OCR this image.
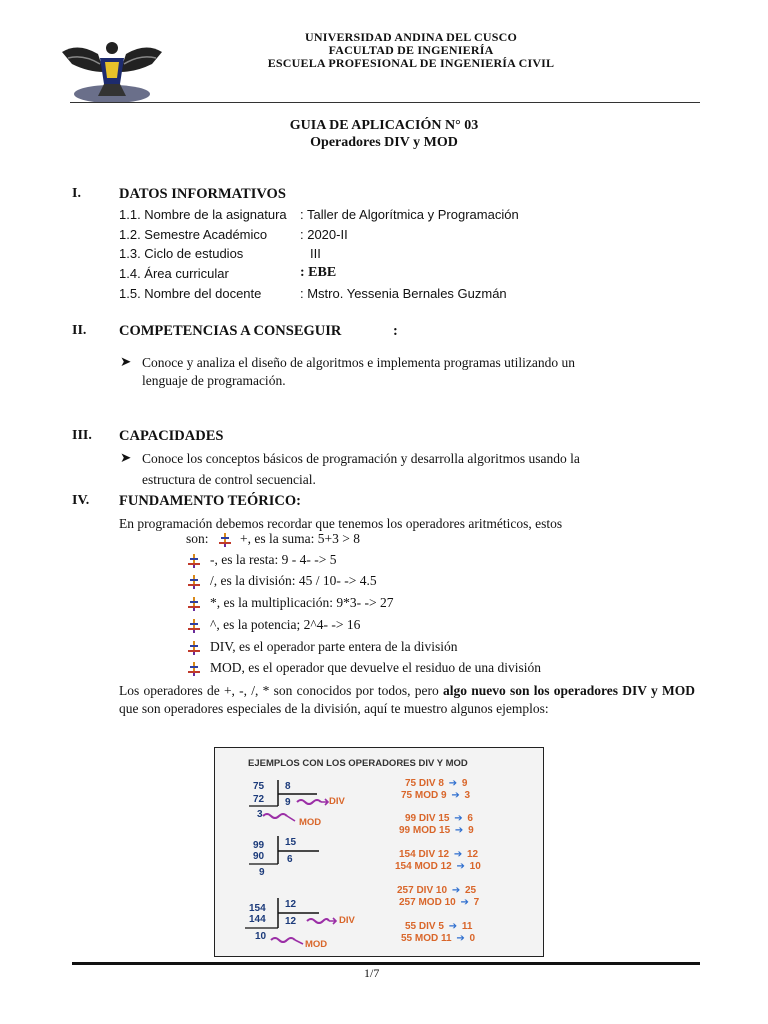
UNIVERSIDAD ANDINA DEL CUSCO
FACULTAD DE INGENIERÍA
ESCUELA PROFESIONAL DE INGENIERÍA CIVIL
GUIA DE APLICACIÓN N° 03
Operadores DIV y MOD
I.	DATOS INFORMATIVOS
1.1. Nombre de la asignatura : Taller de Algorítmica y Programación
1.2. Semestre Académico	: 2020-II
1.3. Ciclo de estudios	III
1.4. Área curricular	: EBE
1.5. Nombre del docente	: Mstro. Yessenia Bernales Guzmán
II. COMPETENCIAS A CONSEGUIR	:
➤ Conoce y analiza el diseño de algoritmos e implementa programas utilizando un
lenguaje de programación.
III. CAPACIDADES
➤ Conoce los conceptos básicos de programación y desarrolla algoritmos usando la
estructura de control secuencial.
IV. FUNDAMENTO TEÓRICO:
En programación debemos recordar que tenemos los operadores aritméticos, estos
son: +, es la suma: 5+3 > 8
-, es la resta: 9 - 4- -> 5
/, es la división: 45 / 10- -> 4.5
*, es la multiplicación: 9*3- -> 27
^, es la potencia; 2^4- -> 16
DIV, es el operador parte entera de la división
MOD, es el operador que devuelve el residuo de una división
Los operadores de +, -, /, * son conocidos por todos, pero algo nuevo son los operadores DIV y MOD que son operadores especiales de la división, aquí te muestro algunos ejemplos:
EJEMPLOS CON LOS OPERADORES DIV Y MOD
75 8
72 9
3
DIV
MOD
99 15
90 6
9
154 12
144 12
10
DIV
MOD
75 DIV 8 ➔ 9
75 MOD 9 ➔ 3
99 DIV 15 ➔ 6
99 MOD 15 ➔ 9
154 DIV 12 ➔ 12
154 MOD 12 ➔ 10
257 DIV 10 ➔ 25
257 MOD 10 ➔ 7
55 DIV 5 ➔ 11
55 MOD 11 ➔ 0
1/7
